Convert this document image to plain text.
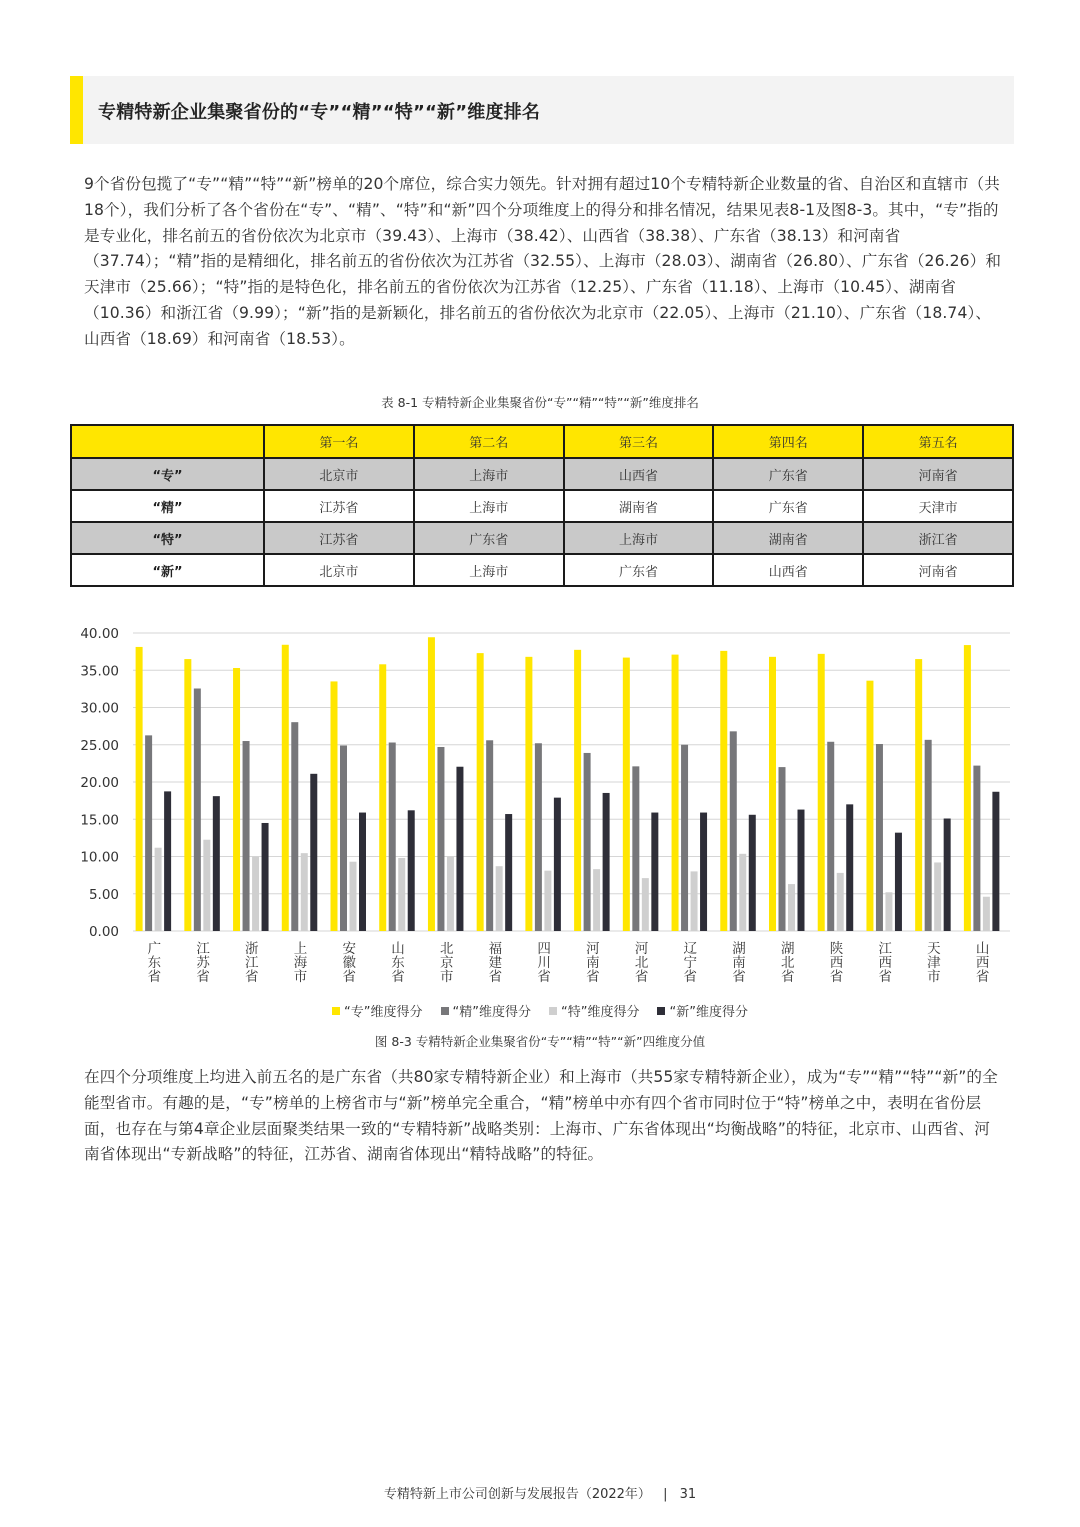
专精特新企业集聚省份的“专”“精”“特”“新”维度排名

9个省份包揽了“专”“精”“特”“新”榜单的20个席位，综合实力领先。针对拥有超过10个专精特新企业数量的省、自治区和直辖市（共18个），我们分析了各个省份在“专”、“精”、“特”和“新”四个分项维度上的得分和排名情况，结果见表8-1及图8-3。其中，“专”指的是专业化，排名前五的省份依次为北京市（39.43）、上海市（38.42）、山西省（38.38）、广东省（38.13）和河南省（37.74）；“精”指的是精细化，排名前五的省份依次为江苏省（32.55）、上海市（28.03）、湖南省（26.80）、广东省（26.26）和天津市（25.66）；“特”指的是特色化，排名前五的省份依次为江苏省（12.25）、广东省（11.18）、上海市（10.45）、湖南省（10.36）和浙江省（9.99）；“新”指的是新颖化，排名前五的省份依次为北京市（22.05）、上海市（21.10）、广东省（18.74）、山西省（18.69）和河南省（18.53）。

表 8-1 专精特新企业集聚省份“专”“精”“特”“新”维度排名
	第一名	第二名	第三名	第四名	第五名
“专”	北京市	上海市	山西省	广东省	河南省
“精”	江苏省	上海市	湖南省	广东省	天津市
“特”	江苏省	广东省	上海市	湖南省	浙江省
“新”	北京市	上海市	广东省	山西省	河南省
0.00
5.00
10.00
15.00
20.00
25.00
30.00
35.00
40.00
广东省
江苏省
浙江省
上海市
安徽省
山东省
北京市
福建省
四川省
河南省
河北省
辽宁省
湖南省
湖北省
陕西省
江西省
天津市
山西省
“专”维度得分 “精”维度得分 “特”维度得分 “新”维度得分
图 8-3 专精特新企业集聚省份“专”“精”“特”“新”四维度分值

在四个分项维度上均进入前五名的是广东省（共80家专精特新企业）和上海市（共55家专精特新企业），成为“专”“精”“特”“新”的全能型省市。有趣的是，“专”榜单的上榜省市与“新”榜单完全重合，“精”榜单中亦有四个省市同时位于“特”榜单之中，表明在省份层面，也存在与第4章企业层面聚类结果一致的“专精特新”战略类别：上海市、广东省体现出“均衡战略”的特征，北京市、山西省、河南省体现出“专新战略”的特征，江苏省、湖南省体现出“精特战略”的特征。

专精特新上市公司创新与发展报告（2022年） | 31
